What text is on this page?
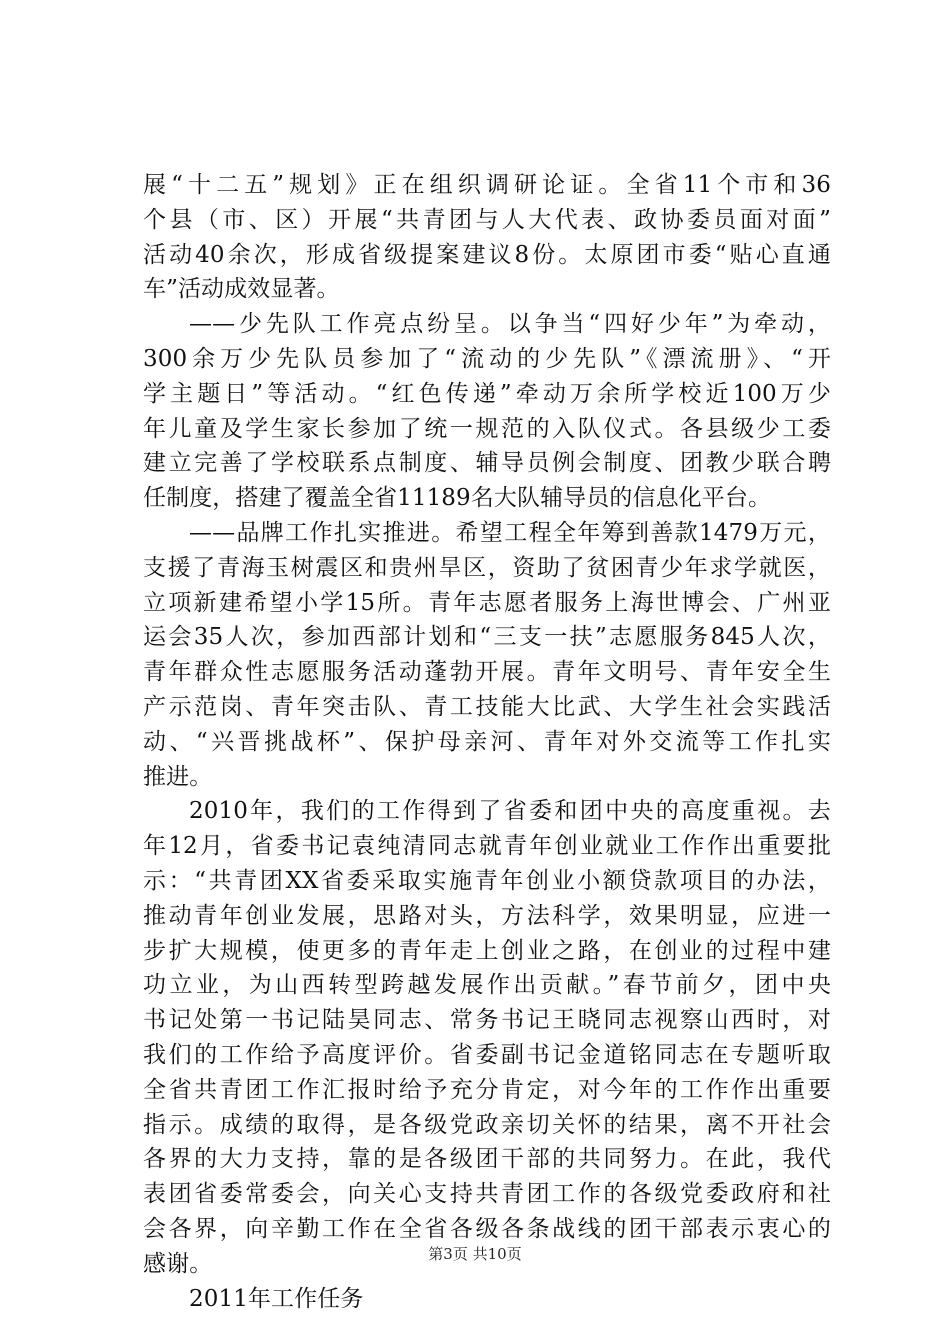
展“十二五”规划》正在组织调研论证。全省11个市和36
个县（市、区）开展“共青团与人大代表、政协委员面对面”
活动40余次，形成省级提案建议8份。太原团市委“贴心直通
车”活动成效显著。
——少先队工作亮点纷呈。以争当“四好少年”为牵动，
300余万少先队员参加了“流动的少先队”《漂流册》、“开
学主题日”等活动。“红色传递”牵动万余所学校近100万少
年儿童及学生家长参加了统一规范的入队仪式。各县级少工委
建立完善了学校联系点制度、辅导员例会制度、团教少联合聘
任制度，搭建了覆盖全省11189名大队辅导员的信息化平台。
——品牌工作扎实推进。希望工程全年筹到善款1479万元，
支援了青海玉树震区和贵州旱区，资助了贫困青少年求学就医，
立项新建希望小学15所。青年志愿者服务上海世博会、广州亚
运会35人次，参加西部计划和“三支一扶”志愿服务845人次，
青年群众性志愿服务活动蓬勃开展。青年文明号、青年安全生
产示范岗、青年突击队、青工技能大比武、大学生社会实践活
动、“兴晋挑战杯”、保护母亲河、青年对外交流等工作扎实
推进。
2010年，我们的工作得到了省委和团中央的高度重视。去
年12月，省委书记袁纯清同志就青年创业就业工作作出重要批
示：“共青团XX省委采取实施青年创业小额贷款项目的办法，
推动青年创业发展，思路对头，方法科学，效果明显，应进一
步扩大规模，使更多的青年走上创业之路，在创业的过程中建
功立业，为山西转型跨越发展作出贡献。”春节前夕，团中央
书记处第一书记陆昊同志、常务书记王晓同志视察山西时，对
我们的工作给予高度评价。省委副书记金道铭同志在专题听取
全省共青团工作汇报时给予充分肯定，对今年的工作作出重要
指示。成绩的取得，是各级党政亲切关怀的结果，离不开社会
各界的大力支持，靠的是各级团干部的共同努力。在此，我代
表团省委常委会，向关心支持共青团工作的各级党委政府和社
会各界，向辛勤工作在全省各级各条战线的团干部表示衷心的
感谢。
2011年工作任务
第3页 共10页
